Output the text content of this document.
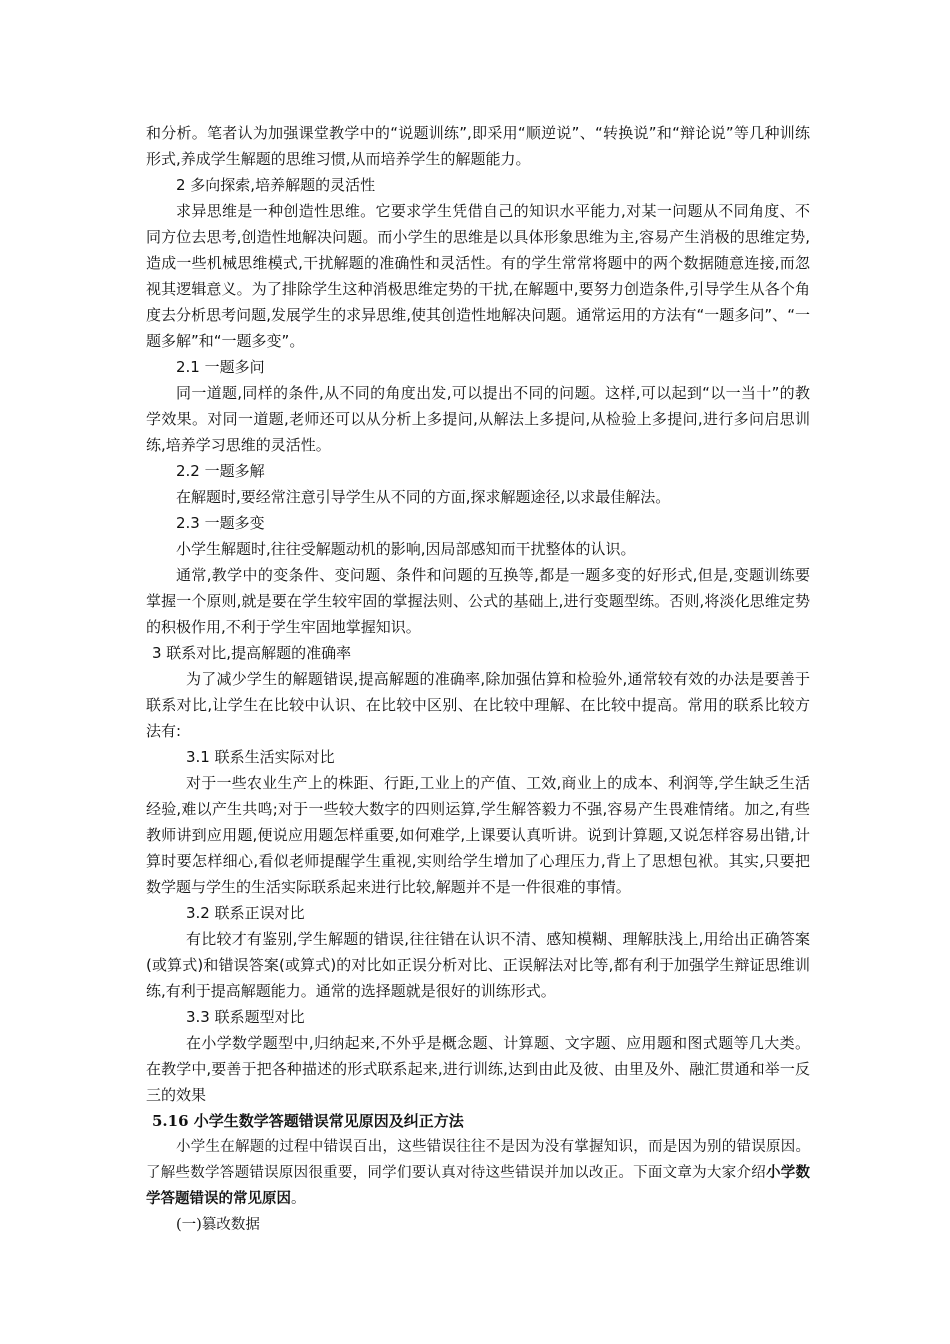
和分析。笔者认为加强课堂教学中的“说题训练”,即采用“顺逆说”、“转换说”和“辩论说”等几种训练形式,养成学生解题的思维习惯,从而培养学生的解题能力。

2 多向探索,培养解题的灵活性

求异思维是一种创造性思维。它要求学生凭借自己的知识水平能力,对某一问题从不同角度、不同方位去思考,创造性地解决问题。而小学生的思维是以具体形象思维为主,容易产生消极的思维定势,造成一些机械思维模式,干扰解题的准确性和灵活性。有的学生常常将题中的两个数据随意连接,而忽视其逻辑意义。为了排除学生这种消极思维定势的干扰,在解题中,要努力创造条件,引导学生从各个角度去分析思考问题,发展学生的求异思维,使其创造性地解决问题。通常运用的方法有“一题多问”、“一题多解”和“一题多变”。

2.1 一题多问

同一道题,同样的条件,从不同的角度出发,可以提出不同的问题。这样,可以起到“以一当十”的教学效果。对同一道题,老师还可以从分析上多提问,从解法上多提问,从检验上多提问,进行多问启思训练,培养学习思维的灵活性。

2.2 一题多解

在解题时,要经常注意引导学生从不同的方面,探求解题途径,以求最佳解法。

2.3 一题多变

小学生解题时,往往受解题动机的影响,因局部感知而干扰整体的认识。

通常,教学中的变条件、变问题、条件和问题的互换等,都是一题多变的好形式,但是,变题训练要掌握一个原则,就是要在学生较牢固的掌握法则、公式的基础上,进行变题型练。否则,将淡化思维定势的积极作用,不利于学生牢固地掌握知识。

3 联系对比,提高解题的准确率

为了减少学生的解题错误,提高解题的准确率,除加强估算和检验外,通常较有效的办法是要善于联系对比,让学生在比较中认识、在比较中区别、在比较中理解、在比较中提高。常用的联系比较方法有:

3.1 联系生活实际对比

对于一些农业生产上的株距、行距,工业上的产值、工效,商业上的成本、利润等,学生缺乏生活经验,难以产生共鸣;对于一些较大数字的四则运算,学生解答毅力不强,容易产生畏难情绪。加之,有些教师讲到应用题,便说应用题怎样重要,如何难学,上课要认真听讲。说到计算题,又说怎样容易出错,计算时要怎样细心,看似老师提醒学生重视,实则给学生增加了心理压力,背上了思想包袱。其实,只要把数学题与学生的生活实际联系起来进行比较,解题并不是一件很难的事情。

3.2 联系正误对比

有比较才有鉴别,学生解题的错误,往往错在认识不清、感知模糊、理解肤浅上,用给出正确答案(或算式)和错误答案(或算式)的对比如正误分析对比、正误解法对比等,都有利于加强学生辩证思维训练,有利于提高解题能力。通常的选择题就是很好的训练形式。

3.3 联系题型对比

在小学数学题型中,归纳起来,不外乎是概念题、计算题、文字题、应用题和图式题等几大类。在教学中,要善于把各种描述的形式联系起来,进行训练,达到由此及彼、由里及外、融汇贯通和举一反三的效果

5.16 小学生数学答题错误常见原因及纠正方法

小学生在解题的过程中错误百出，这些错误往往不是因为没有掌握知识，而是因为别的错误原因。了解些数学答题错误原因很重要，同学们要认真对待这些错误并加以改正。下面文章为大家介绍小学数学答题错误的常见原因。

(一)篡改数据
